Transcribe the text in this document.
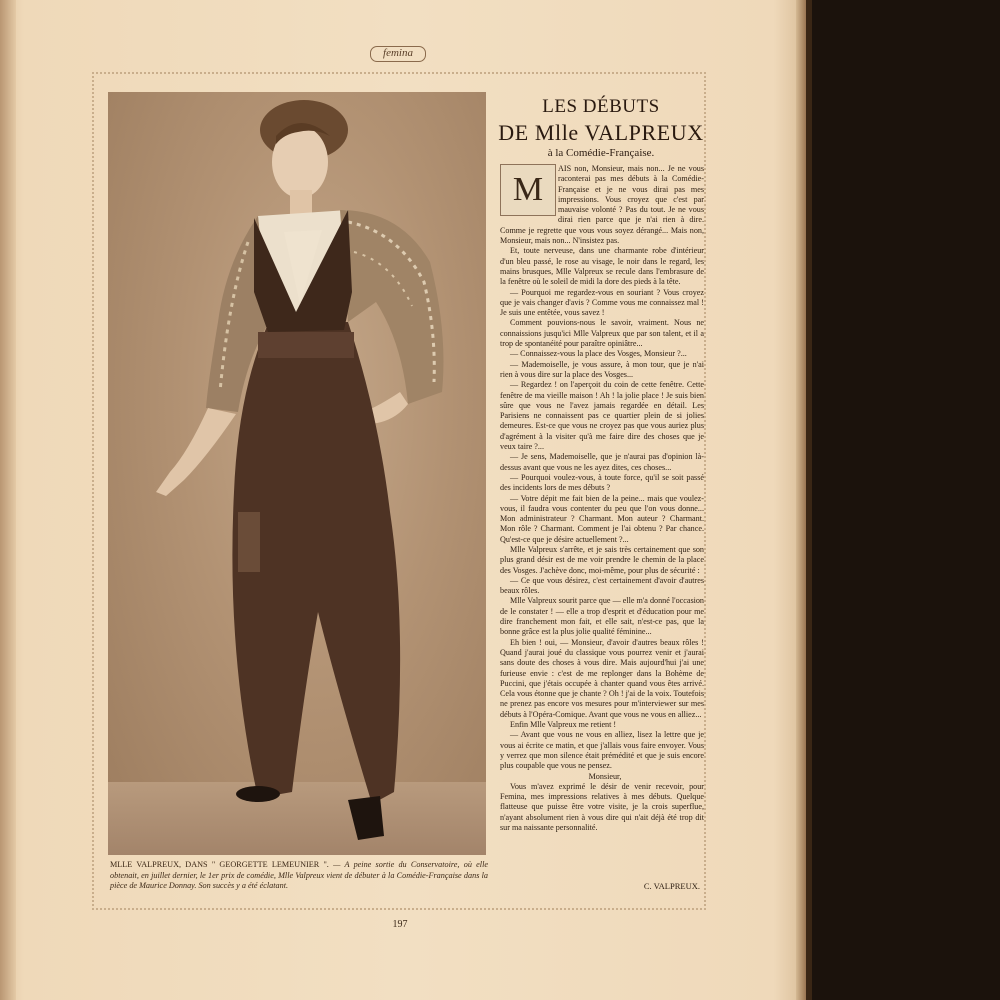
femina
MLLE VALPREUX, DANS " GEORGETTE LEMEUNIER ". — A peine sortie du Conservatoire, où elle obtenait, en juillet dernier, le 1er prix de comédie, Mlle Valpreux vient de débuter à la Comédie-Française dans la pièce de Maurice Donnay. Son succès y a été éclatant.
LES DÉBUTS
DE Mlle VALPREUX
à la Comédie-Française.

AIS non, Monsieur, mais non... Je ne vous raconterai pas mes débuts à la Comédie-Française et je ne vous dirai pas mes impressions. Vous croyez que c'est par mauvaise volonté ? Pas du tout. Je ne vous dirai rien parce que je n'ai rien à dire. Comme je regrette que vous vous soyez dérangé... Mais non, Monsieur, mais non... N'insistez pas.

Et, toute nerveuse, dans une charmante robe d'intérieur d'un bleu passé, le rose au visage, le noir dans le regard, les mains brusques, Mlle Valpreux se recule dans l'embrasure de la fenêtre où le soleil de midi la dore des pieds à la tête.

— Pourquoi me regardez-vous en souriant ? Vous croyez que je vais changer d'avis ? Comme vous me connaissez mal ! Je suis une entêtée, vous savez !

Comment pouvions-nous le savoir, vraiment. Nous ne connaissions jusqu'ici Mlle Valpreux que par son talent, et il a trop de spontanéité pour paraître opiniâtre...

— Connaissez-vous la place des Vosges, Monsieur ?...

— Mademoiselle, je vous assure, à mon tour, que je n'ai rien à vous dire sur la place des Vosges...

— Regardez ! on l'aperçoit du coin de cette fenêtre. Cette fenêtre de ma vieille maison ! Ah ! la jolie place ! Je suis bien sûre que vous ne l'avez jamais regardée en détail. Les Parisiens ne connaissent pas ce quartier plein de si jolies demeures. Est-ce que vous ne croyez pas que vous auriez plus d'agrément à la visiter qu'à me faire dire des choses que je veux taire ?...

— Je sens, Mademoiselle, que je n'aurai pas d'opinion là-dessus avant que vous ne les ayez dites, ces choses...

— Pourquoi voulez-vous, à toute force, qu'il se soit passé des incidents lors de mes débuts ?

— Votre dépit me fait bien de la peine... mais que voulez-vous, il faudra vous contenter du peu que l'on vous donne... Mon administrateur ? Charmant. Mon auteur ? Charmant. Mon rôle ? Charmant. Comment je l'ai obtenu ? Par chance. Qu'est-ce que je désire actuellement ?...

Mlle Valpreux s'arrête, et je sais très certainement que son plus grand désir est de me voir prendre le chemin de la place des Vosges. J'achève donc, moi-même, pour plus de sécurité :

— Ce que vous désirez, c'est certainement d'avoir d'autres beaux rôles.

Mlle Valpreux sourit parce que — elle m'a donné l'occasion de le constater ! — elle a trop d'esprit et d'éducation pour me dire franchement mon fait, et elle sait, n'est-ce pas, que la bonne grâce est la plus jolie qualité féminine...

Eh bien ! oui, — Monsieur, d'avoir d'autres beaux rôles ! Quand j'aurai joué du classique vous pourrez venir et j'aurai sans doute des choses à vous dire. Mais aujourd'hui j'ai une furieuse envie : c'est de me replonger dans la Bohème de Puccini, que j'étais occupée à chanter quand vous êtes arrivé. Cela vous étonne que je chante ? Oh ! j'ai de la voix. Toutefois ne prenez pas encore vos mesures pour m'interviewer sur mes débuts à l'Opéra-Comique. Avant que vous ne vous en alliez...

Enfin Mlle Valpreux me retient !

— Avant que vous ne vous en alliez, lisez la lettre que je vous ai écrite ce matin, et que j'allais vous faire envoyer. Vous y verrez que mon silence était prémédité et que je suis encore plus coupable que vous ne pensez.

Monsieur,

Vous m'avez exprimé le désir de venir recevoir, pour Femina, mes impressions relatives à mes débuts. Quelque flatteuse que puisse être votre visite, je la crois superflue, n'ayant absolument rien à vous dire qui n'ait déjà été trop dit sur ma naissante personnalité.

M
C. VALPREUX.
197
